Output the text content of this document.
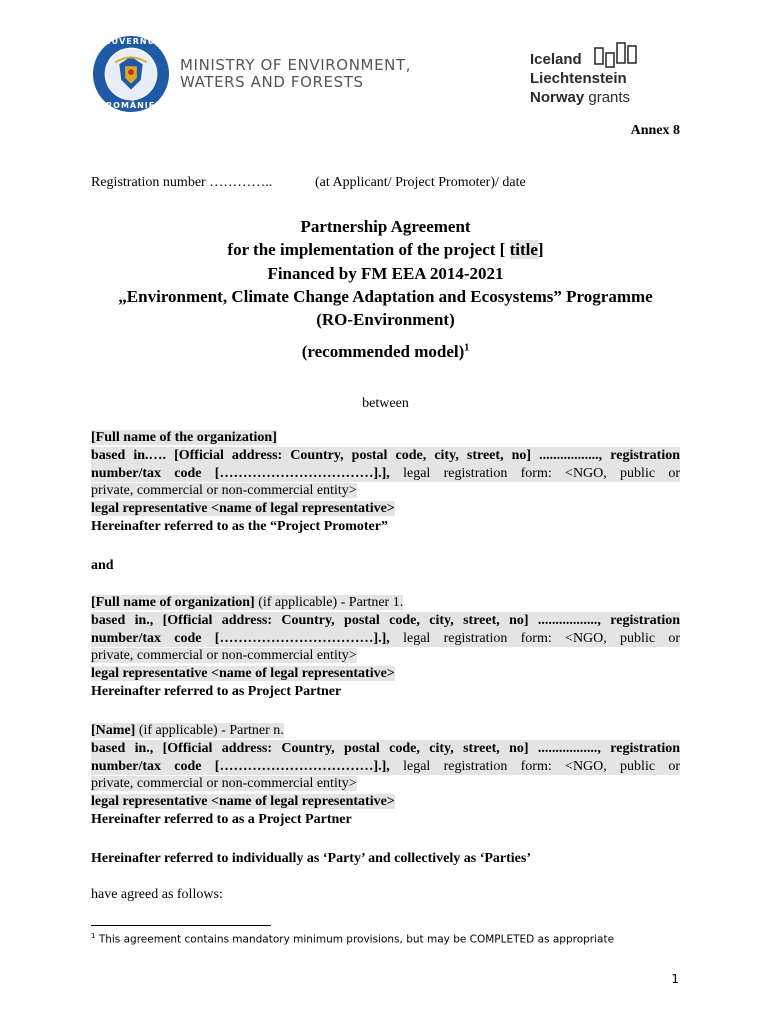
GUVERNUL
ROMÂNIEI
MINISTRY OF ENVIRONMENT,
WATERS AND FORESTS
Iceland
Liechtenstein
Norway grants
Annex 8
Registration number …………..	(at Applicant/ Project Promoter)/ date
Partnership Agreement
for the implementation of the project [ title]
Financed by FM EEA 2014-2021
„Environment, Climate Change Adaptation and Ecosystems” Programme
(RO-Environment)
(recommended model)$^1$
between
[Full name of the organization]
based in.…. [Official address: Country, postal code, city, street, no] ................., registration
number/tax code [……………………………].], legal registration form: <NGO, public or
private, commercial or non-commercial entity>
legal representative <name of legal representative>
Hereinafter referred to as the “Project Promoter”
and
[Full name of organization] (if applicable) - Partner 1.
based in., [Official address: Country, postal code, city, street, no] ................., registration
number/tax code [……………………………].], legal registration form: <NGO, public or
private, commercial or non-commercial entity>
legal representative <name of legal representative>
Hereinafter referred to as Project Partner
[Name] (if applicable) - Partner n.
based in., [Official address: Country, postal code, city, street, no] ................., registration
number/tax code [……………………………].], legal registration form: <NGO, public or
private, commercial or non-commercial entity>
legal representative <name of legal representative>
Hereinafter referred to as a Project Partner
Hereinafter referred to individually as ‘Party’ and collectively as ‘Parties’
have agreed as follows:
$^1$ This agreement contains mandatory minimum provisions, but may be COMPLETED as appropriate
1
